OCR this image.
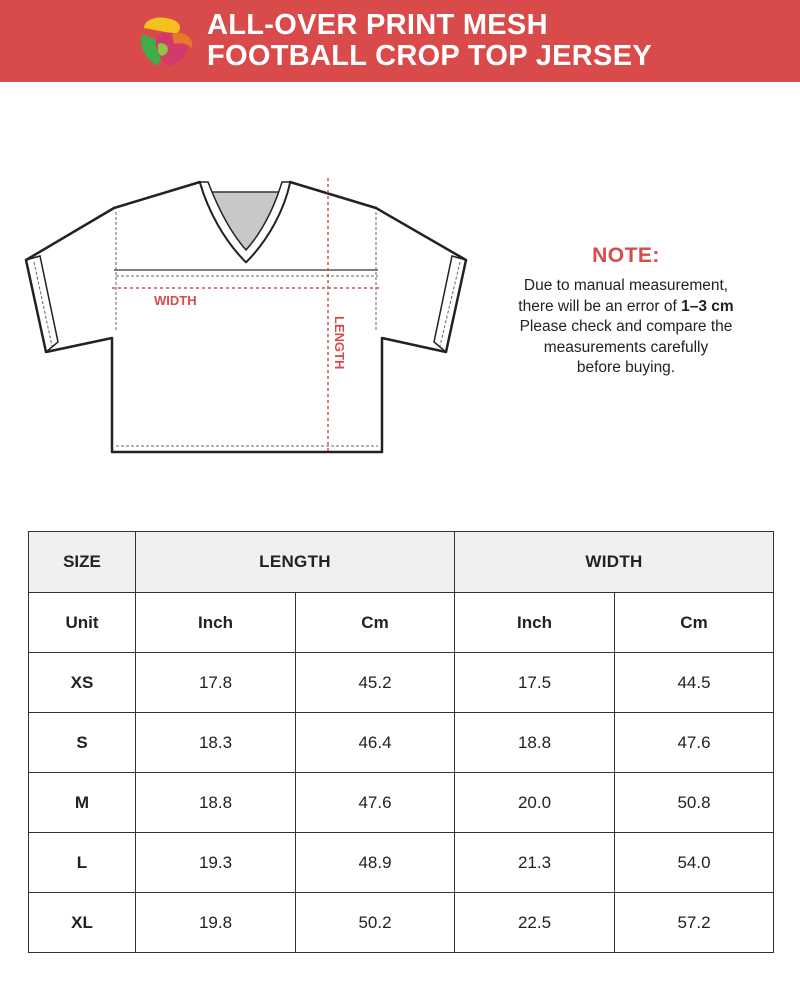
ALL-OVER PRINT MESH
FOOTBALL CROP TOP JERSEY
WIDTH
LENGTH
NOTE:
Due to manual measurement,
there will be an error of 1–3 cm
Please check and compare the
measurements carefully
before buying.
SIZE	LENGTH		WIDTH	
Unit	Inch	Cm	Inch	Cm
XS	17.8	45.2	17.5	44.5
S	18.3	46.4	18.8	47.6
M	18.8	47.6	20.0	50.8
L	19.3	48.9	21.3	54.0
XL	19.8	50.2	22.5	57.2
